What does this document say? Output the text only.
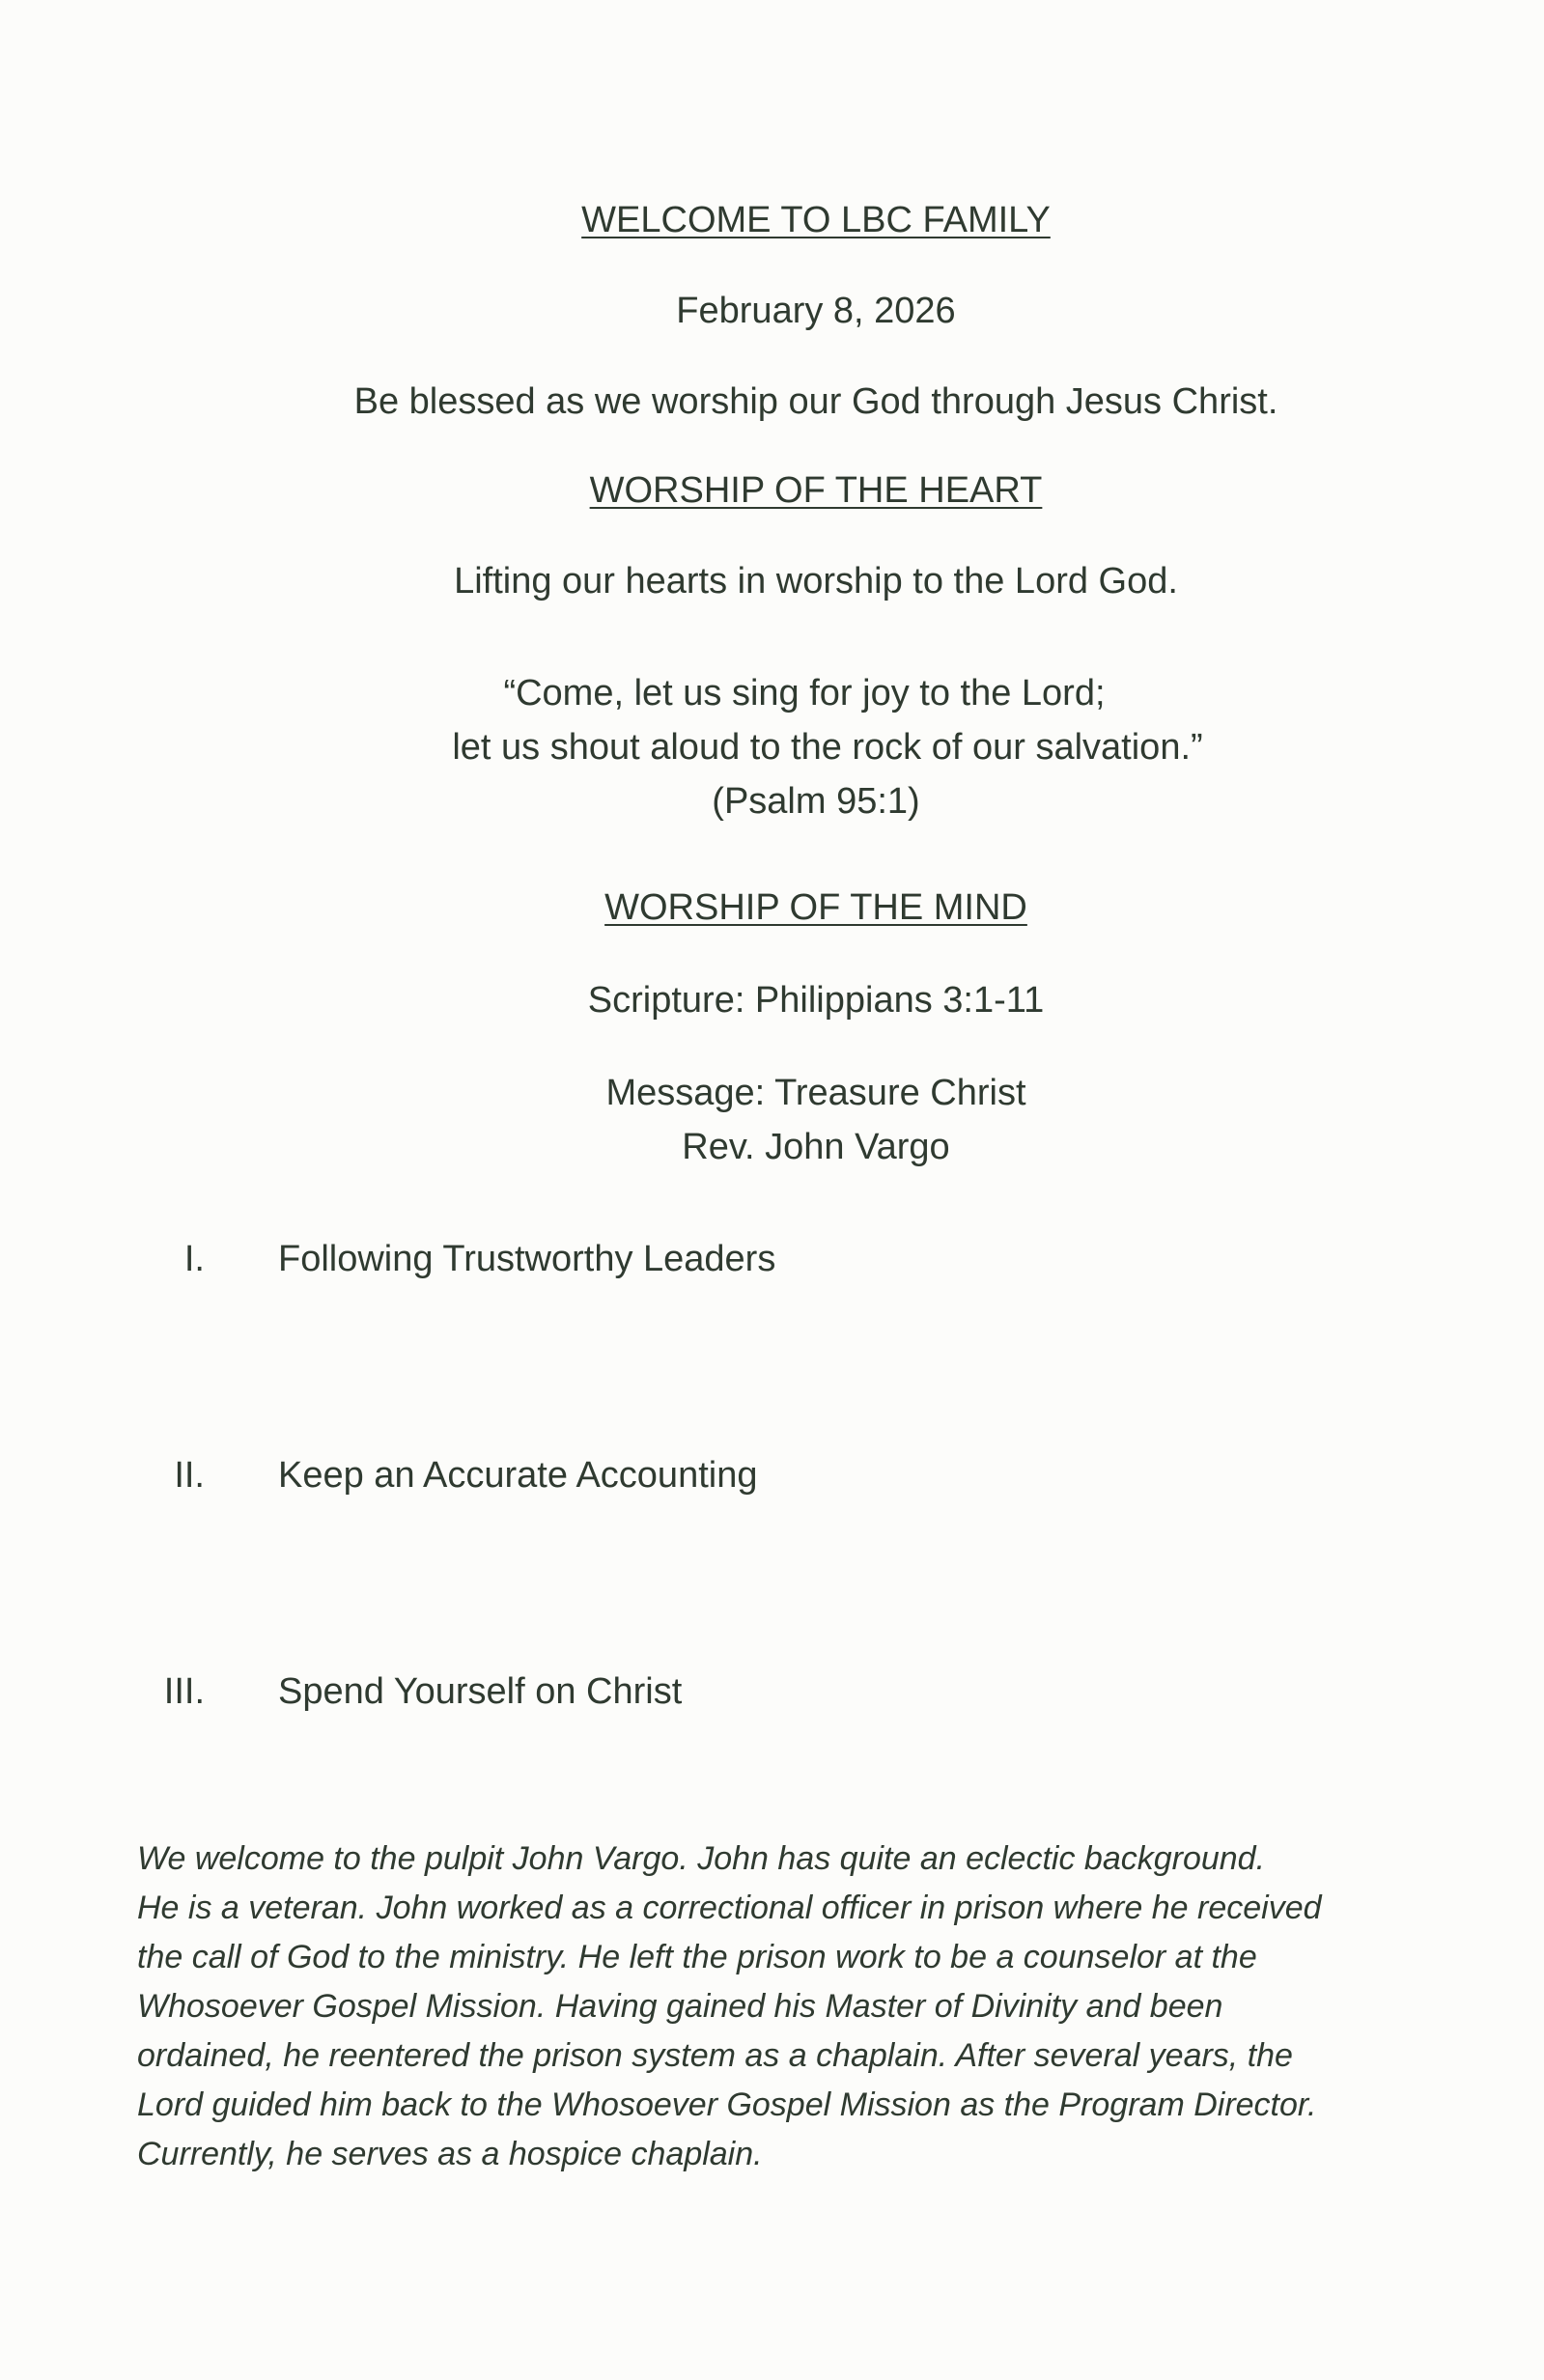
WELCOME TO LBC FAMILY
February 8, 2026
Be blessed as we worship our God through Jesus Christ.
WORSHIP OF THE HEART
Lifting our hearts in worship to the Lord God.
“Come, let us sing for joy to the Lord;
let us shout aloud to the rock of our salvation.”
(Psalm 95:1)
WORSHIP OF THE MIND
Scripture: Philippians 3:1-11
Message: Treasure Christ
Rev. John Vargo
I. Following Trustworthy Leaders
II. Keep an Accurate Accounting
III. Spend Yourself on Christ

We welcome to the pulpit John Vargo. John has quite an eclectic background.

He is a veteran. John worked as a correctional officer in prison where he received

the call of God to the ministry. He left the prison work to be a counselor at the

Whosoever Gospel Mission. Having gained his Master of Divinity and been

ordained, he reentered the prison system as a chaplain. After several years, the

Lord guided him back to the Whosoever Gospel Mission as the Program Director.

Currently, he serves as a hospice chaplain.
